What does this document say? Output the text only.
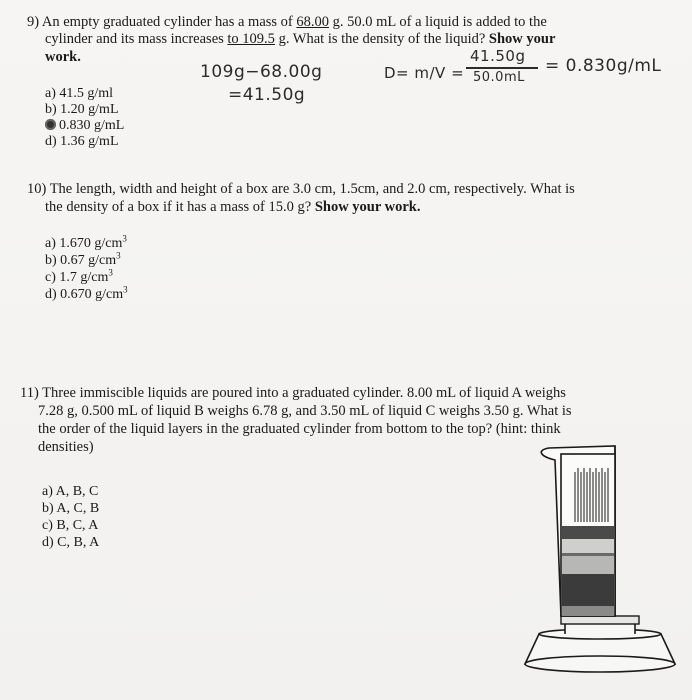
9) An empty graduated cylinder has a mass of 68.00 g. 50.0 mL of a liquid is added to the
cylinder and its mass increases to 109.5 g. What is the density of the liquid? Show your
work.
a) 41.5 g/ml
b) 1.20 g/mL
0.830 g/mL
d) 1.36 g/mL
109g−68.00g
=41.50g
D= m/V =
41.50g
50.0mL
= 0.830g/mL
10) The length, width and height of a box are 3.0 cm, 1.5cm, and 2.0 cm, respectively. What is
the density of a box if it has a mass of 15.0 g? Show your work.
a) 1.670 $g/cm^3$
b) 0.67 $g/cm^3$
c) 1.7 $g/cm^3$
d) 0.670 $g/cm^3$
11) Three immiscible liquids are poured into a graduated cylinder. 8.00 mL of liquid A weighs
7.28 g, 0.500 mL of liquid B weighs 6.78 g, and 3.50 mL of liquid C weighs 3.50 g. What is
the order of the liquid layers in the graduated cylinder from bottom to the top? (hint: think
densities)
a) A, B, C
b) A, C, B
c) B, C, A
d) C, B, A
